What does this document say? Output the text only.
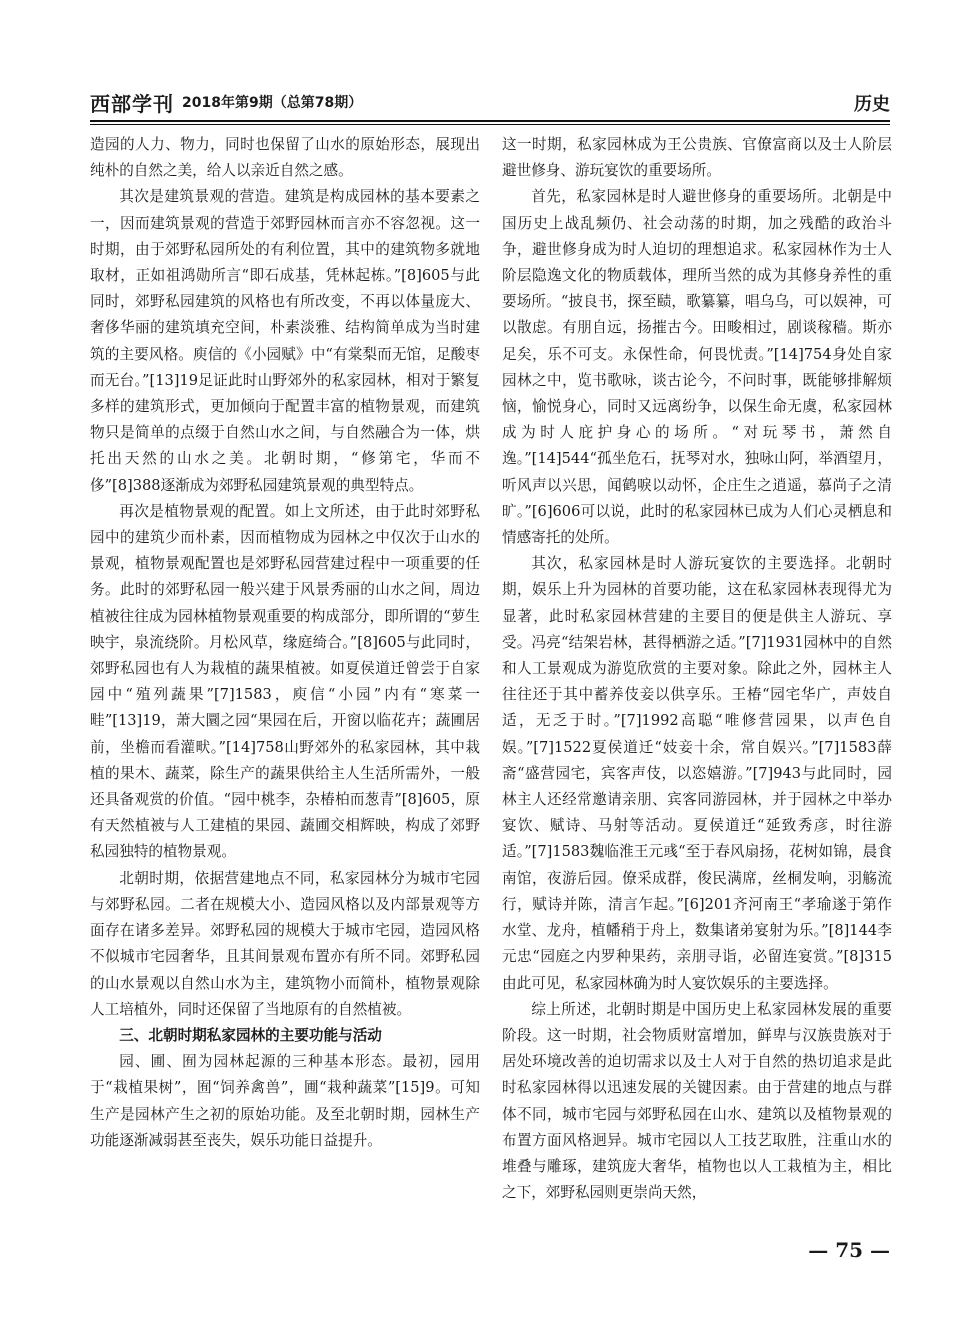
西部学刊 2018年第9期（总第78期）	历史

造园的人力、物力，同时也保留了山水的原始形态，展现出纯朴的自然之美，给人以亲近自然之感。

其次是建筑景观的营造。建筑是构成园林的基本要素之一，因而建筑景观的营造于郊野园林而言亦不容忽视。这一时期，由于郊野私园所处的有利位置，其中的建筑物多就地取材，正如祖鸿勋所言“即石成基，凭林起栋。”[8]605与此同时，郊野私园建筑的风格也有所改变，不再以体量庞大、奢侈华丽的建筑填充空间，朴素淡雅、结构简单成为当时建筑的主要风格。庾信的《小园赋》中“有棠梨而无馆，足酸枣而无台。”[13]19足证此时山野郊外的私家园林，相对于繁复多样的建筑形式，更加倾向于配置丰富的植物景观，而建筑物只是简单的点缀于自然山水之间，与自然融合为一体，烘托出天然的山水之美。北朝时期，“修第宅，华而不侈”[8]388逐渐成为郊野私园建筑景观的典型特点。

再次是植物景观的配置。如上文所述，由于此时郊野私园中的建筑少而朴素，因而植物成为园林之中仅次于山水的景观，植物景观配置也是郊野私园营建过程中一项重要的任务。此时的郊野私园一般兴建于风景秀丽的山水之间，周边植被往往成为园林植物景观重要的构成部分，即所谓的“萝生映宇，泉流绕阶。月松风草，缘庭绮合。”[8]605与此同时，郊野私园也有人为栽植的蔬果植被。如夏侯道迁曾尝于自家园中“殖列蔬果”[7]1583，庾信“小园”内有“寒菜一畦”[13]19，萧大圜之园“果园在后，开窗以临花卉；蔬圃居前，坐檐而看灌畎。”[14]758山野郊外的私家园林，其中栽植的果木、蔬菜，除生产的蔬果供给主人生活所需外，一般还具备观赏的价值。“园中桃李，杂椿柏而葱青”[8]605，原有天然植被与人工建植的果园、蔬圃交相辉映，构成了郊野私园独特的植物景观。

北朝时期，依据营建地点不同，私家园林分为城市宅园与郊野私园。二者在规模大小、造园风格以及内部景观等方面存在诸多差异。郊野私园的规模大于城市宅园，造园风格不似城市宅园奢华，且其间景观布置亦有所不同。郊野私园的山水景观以自然山水为主，建筑物小而简朴，植物景观除人工培植外，同时还保留了当地原有的自然植被。

三、北朝时期私家园林的主要功能与活动

园、圃、囿为园林起源的三种基本形态。最初，园用于“栽植果树”，囿“饲养禽兽”，圃“栽种蔬菜”[15]9。可知生产是园林产生之初的原始功能。及至北朝时期，园林生产功能逐渐减弱甚至丧失，娱乐功能日益提升。

这一时期，私家园林成为王公贵族、官僚富商以及士人阶层避世修身、游玩宴饮的重要场所。

首先，私家园林是时人避世修身的重要场所。北朝是中国历史上战乱频仍、社会动荡的时期，加之残酷的政治斗争，避世修身成为时人迫切的理想追求。私家园林作为士人阶层隐逸文化的物质载体，理所当然的成为其修身养性的重要场所。“披良书，探至赜，歌纂纂，唱乌乌，可以娱神，可以散虑。有朋自远，扬摧古今。田畯相过，剧谈稼穑。斯亦足矣，乐不可支。永保性命，何畏忧责。”[14]754身处自家园林之中，览书歌咏，谈古论今，不问时事，既能够排解烦恼，愉悦身心，同时又远离纷争，以保生命无虞，私家园林成为时人庇护身心的场所。“对玩琴书，萧然自逸。”[14]544“孤坐危石，抚琴对水，独咏山阿，举酒望月，听风声以兴思，闻鹤唳以动怀，企庄生之逍遥，慕尚子之清旷。”[6]606可以说，此时的私家园林已成为人们心灵栖息和情感寄托的处所。

其次，私家园林是时人游玩宴饮的主要选择。北朝时期，娱乐上升为园林的首要功能，这在私家园林表现得尤为显著，此时私家园林营建的主要目的便是供主人游玩、享受。冯亮“结架岩林，甚得栖游之适。”[7]1931园林中的自然和人工景观成为游览欣赏的主要对象。除此之外，园林主人往往还于其中蓄养伎妾以供享乐。王椿“园宅华广，声妓自适，无乏于时。”[7]1992高聪“唯修营园果，以声色自娱。”[7]1522夏侯道迁“妓妾十余，常自娱兴。”[7]1583薛斋“盛营园宅，宾客声伎，以恣嬉游。”[7]943与此同时，园林主人还经常邀请亲朋、宾客同游园林，并于园林之中举办宴饮、赋诗、马射等活动。夏侯道迁“延致秀彦，时往游适。”[7]1583魏临淮王元彧“至于春风扇扬，花树如锦，晨食南馆，夜游后园。僚采成群，俊民满席，丝桐发响，羽觞流行，赋诗并陈，清言乍起。”[6]201齐河南王“孝瑜遂于第作水堂、龙舟，植幡稍于舟上，数集诸弟宴射为乐。”[8]144李元忠“园庭之内罗种果药，亲朋寻诣，必留连宴赏。”[8]315由此可见，私家园林确为时人宴饮娱乐的主要选择。

综上所述，北朝时期是中国历史上私家园林发展的重要阶段。这一时期，社会物质财富增加，鲜卑与汉族贵族对于居处环境改善的迫切需求以及士人对于自然的热切追求是此时私家园林得以迅速发展的关键因素。由于营建的地点与群体不同，城市宅园与郊野私园在山水、建筑以及植物景观的布置方面风格迥异。城市宅园以人工技艺取胜，注重山水的堆叠与雕琢，建筑庞大奢华，植物也以人工栽植为主，相比之下，郊野私园则更崇尚天然，

— 75 —
